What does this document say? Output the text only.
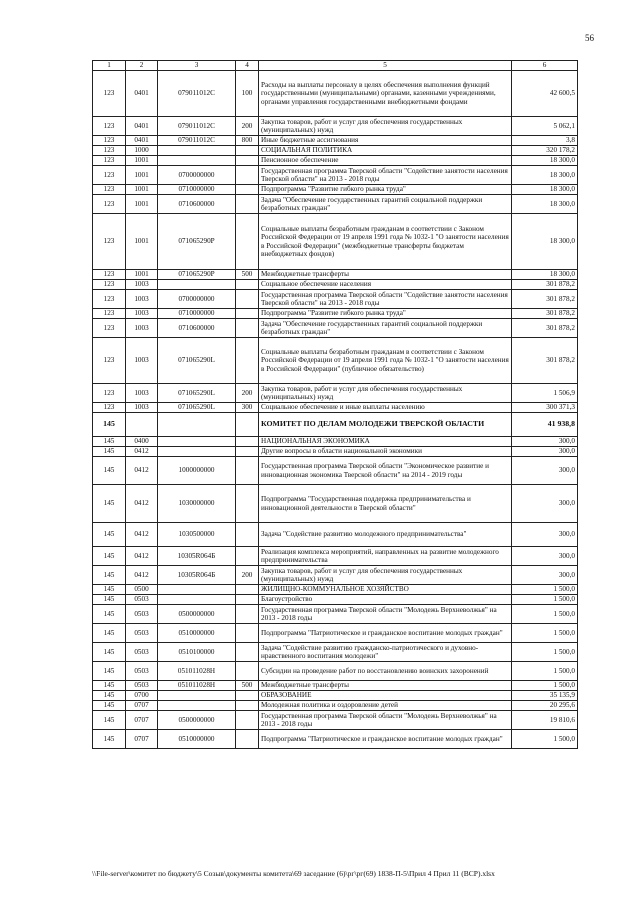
56
1	2	3	4	5	6
123	0401	079011012С	100	Расходы на выплаты персоналу в целях обеспечения выполнения функций государственными (муниципальными) органами, казенными учреждениями, органами управления государственными внебюджетными фондами	42 600,5
123	0401	079011012С	200	Закупка товаров, работ и услуг для обеспечения государственных (муниципальных) нужд	5 062,1
123	0401	079011012С	800	Иные бюджетные ассигнования	3,8
123	1000			СОЦИАЛЬНАЯ ПОЛИТИКА	320 178,2
123	1001			Пенсионное обеспечение	18 300,0
123	1001	0700000000		Государственная программа Тверской области "Содействие занятости населения Тверской области" на 2013 - 2018 годы	18 300,0
123	1001	0710000000		Подпрограмма "Развитие гибкого рынка труда"	18 300,0
123	1001	0710600000		Задача "Обеспечение государственных гарантий социальной поддержки безработных граждан"	18 300,0
123	1001	071065290Р		Социальные выплаты безработным гражданам в соответствии с Законом Российской Федерации от 19 апреля 1991 года № 1032-1 "О занятости населения в Российской Федерации" (межбюджетные трансферты бюджетам внебюджетных фондов)	18 300,0
123	1001	071065290Р	500	Межбюджетные трансферты	18 300,0
123	1003			Социальное обеспечение населения	301 878,2
123	1003	0700000000		Государственная программа Тверской области "Содействие занятости населения Тверской области" на 2013 - 2018 годы	301 878,2
123	1003	0710000000		Подпрограмма "Развитие гибкого рынка труда"	301 878,2
123	1003	0710600000		Задача "Обеспечение государственных гарантий социальной поддержки безработных граждан"	301 878,2
123	1003	071065290L		Социальные выплаты безработным гражданам в соответствии с Законом Российской Федерации от 19 апреля 1991 года № 1032-1 "О занятости населения в Российской Федерации" (публичное обязательство)	301 878,2
123	1003	071065290L	200	Закупка товаров, работ и услуг для обеспечения государственных (муниципальных) нужд	1 506,9
123	1003	071065290L	300	Социальное обеспечение и иные выплаты населению	300 371,3
145				КОМИТЕТ ПО ДЕЛАМ МОЛОДЕЖИ ТВЕРСКОЙ ОБЛАСТИ	41 938,8
145	0400			НАЦИОНАЛЬНАЯ ЭКОНОМИКА	300,0
145	0412			Другие вопросы в области национальной экономики	300,0
145	0412	1000000000		Государственная программа Тверской области "Экономическое развитие и инновационная экономика Тверской области" на 2014 - 2019 годы	300,0
145	0412	1030000000		Подпрограмма "Государственная поддержка предпринимательства и инновационной деятельности в Тверской области"	300,0
145	0412	1030500000		Задача "Содействие развитию молодежного предпринимательства"	300,0
145	0412	10305R064Б		Реализация комплекса мероприятий, направленных на развитие молодежного предпринимательства	300,0
145	0412	10305R064Б	200	Закупка товаров, работ и услуг для обеспечения государственных (муниципальных) нужд	300,0
145	0500			ЖИЛИЩНО-КОММУНАЛЬНОЕ ХОЗЯЙСТВО	1 500,0
145	0503			Благоустройство	1 500,0
145	0503	0500000000		Государственная программа Тверской области "Молодежь Верхневолжья" на 2013 - 2018 годы	1 500,0
145	0503	0510000000		Подпрограмма "Патриотическое и гражданское воспитание молодых граждан"	1 500,0
145	0503	0510100000		Задача "Содействие развитию гражданско-патриотического и духовно-нравственного воспитания молодежи"	1 500,0
145	0503	051011028Н		Субсидии на проведение работ по восстановлению воинских захоронений	1 500,0
145	0503	051011028Н	500	Межбюджетные трансферты	1 500,0
145	0700			ОБРАЗОВАНИЕ	35 135,9
145	0707			Молодежная политика и оздоровление детей	20 295,6
145	0707	0500000000		Государственная программа Тверской области "Молодежь Верхневолжья" на 2013 - 2018 годы	19 810,6
145	0707	0510000000		Подпрограмма "Патриотическое и гражданское воспитание молодых граждан"	1 500,0
\\File-server\комитет по бюджету\5 Созыв\документы комитета\69 заседание (6)\рг\рг(69) 1838-П-5\Прил 4 Прил 11 (ВСР).xlsx
